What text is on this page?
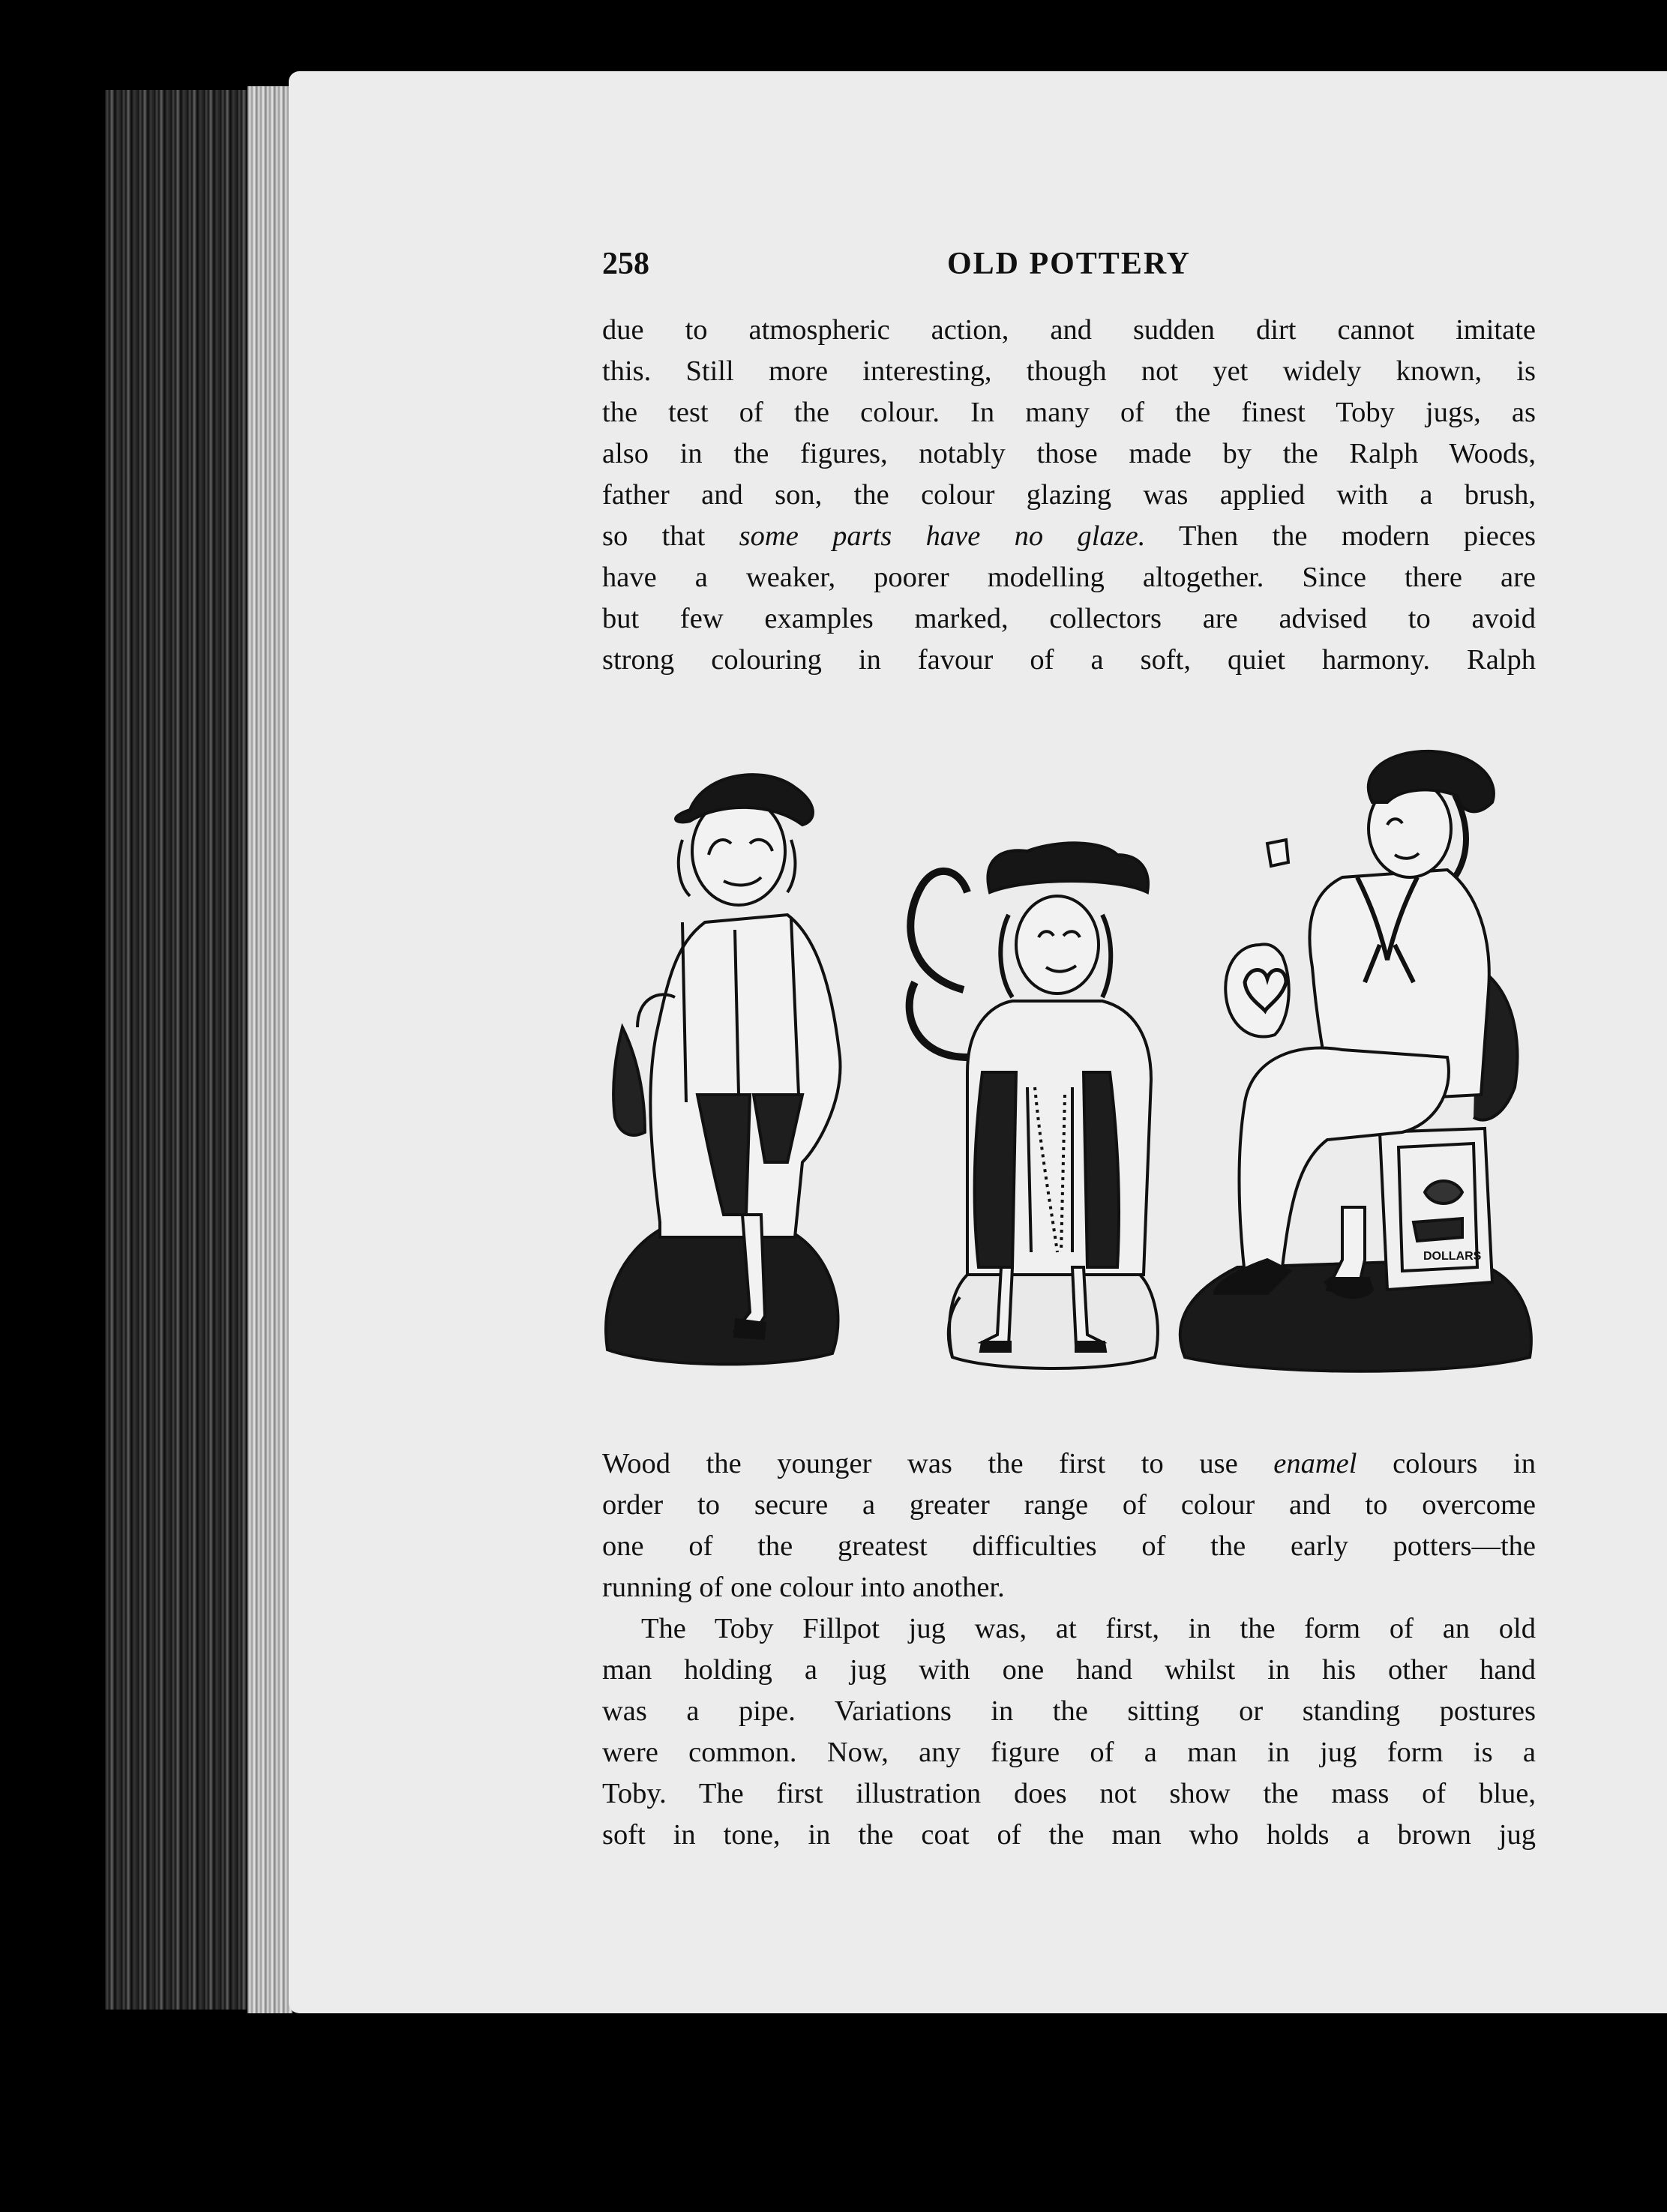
258	OLD POTTERY
due to atmospheric action, and sudden dirt cannot imitate
this. Still more interesting, though not yet widely known, is
the test of the colour. In many of the finest Toby jugs, as
also in the figures, notably those made by the Ralph Woods,
father and son, the colour glazing was applied with a brush,
so that some parts have no glaze. Then the modern pieces
have a weaker, poorer modelling altogether. Since there are
but few examples marked, collectors are advised to avoid
strong colouring in favour of a soft, quiet harmony. Ralph
DOLLARS
Wood the younger was the first to use enamel colours in
order to secure a greater range of colour and to overcome
one of the greatest difficulties of the early potters—the
running of one colour into another.
The Toby Fillpot jug was, at first, in the form of an old
man holding a jug with one hand whilst in his other hand
was a pipe. Variations in the sitting or standing postures
were common. Now, any figure of a man in jug form is a
Toby. The first illustration does not show the mass of blue,
soft in tone, in the coat of the man who holds a brown jug
